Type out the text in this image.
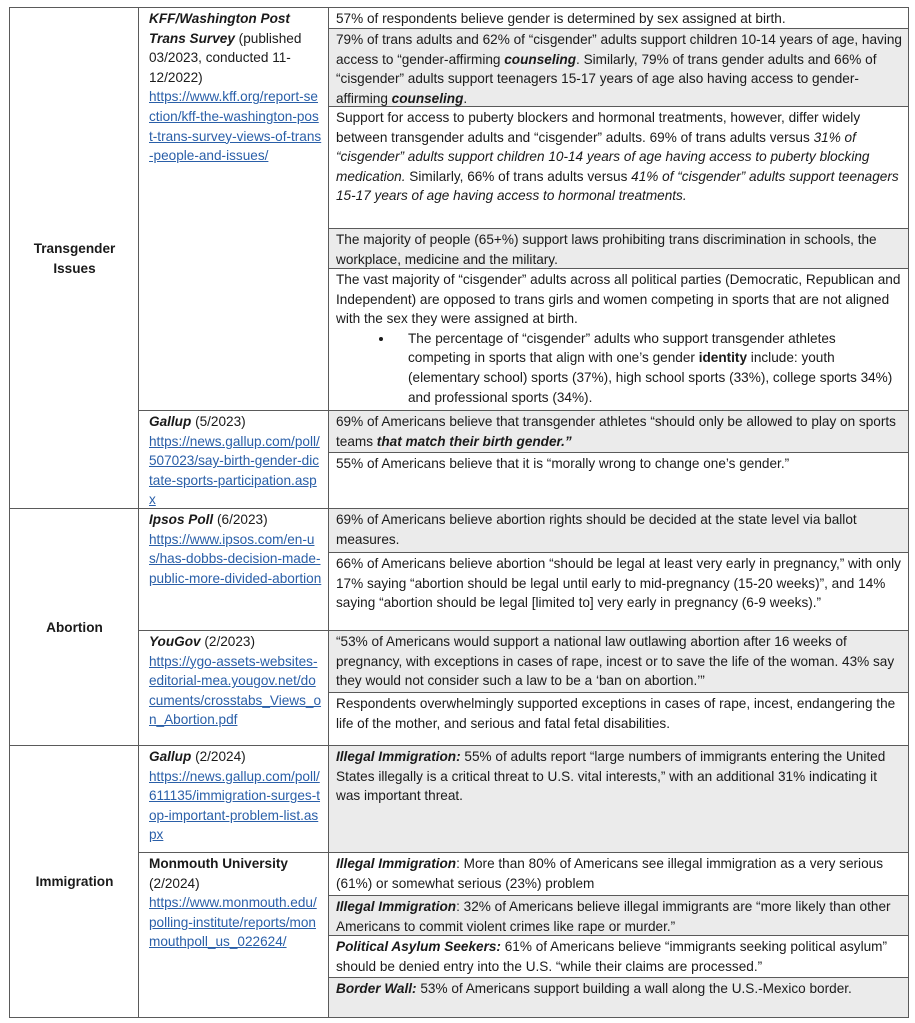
Transgender Issues
Abortion
Immigration
KFF/Washington Post Trans Survey (published 03/2023, conducted 11-12/2022)
https://www.kff.org/report-section/kff-the-washington-post-trans-survey-views-of-trans-people-and-issues/
Gallup (5/2023)
https://news.gallup.com/poll/507023/say-birth-gender-dictate-sports-participation.aspx
Ipsos Poll (6/2023)
https://www.ipsos.com/en-us/has-dobbs-decision-made-public-more-divided-abortion
YouGov (2/2023)
https://ygo-assets-websites-editorial-mea.yougov.net/documents/crosstabs_Views_on_Abortion.pdf
Gallup (2/2024)
https://news.gallup.com/poll/611135/immigration-surges-top-important-problem-list.aspx
Monmouth University
(2/2024)
https://www.monmouth.edu/polling-institute/reports/monmouthpoll_us_022624/
57% of respondents believe gender is determined by sex assigned at birth.
79% of trans adults and 62% of “cisgender” adults support children 10-14 years of age, having access to “gender-affirming counseling. Similarly, 79% of trans gender adults and 66% of “cisgender” adults support teenagers 15-17 years of age also having access to gender-affirming counseling.
Support for access to puberty blockers and hormonal treatments, however, differ widely between transgender adults and “cisgender” adults. 69% of trans adults versus 31% of “cisgender” adults support children 10-14 years of age having access to puberty blocking medication. Similarly, 66% of trans adults versus 41% of “cisgender” adults support teenagers 15-17 years of age having access to hormonal treatments.
The majority of people (65+%) support laws prohibiting trans discrimination in schools, the workplace, medicine and the military.
The vast majority of “cisgender” adults across all political parties (Democratic, Republican and Independent) are opposed to trans girls and women competing in sports that are not aligned with the sex they were assigned at birth.
• The percentage of “cisgender” adults who support transgender athletes competing in sports that align with one’s gender identity include: youth (elementary school) sports (37%), high school sports (33%), college sports 34%) and professional sports (34%).
69% of Americans believe that transgender athletes “should only be allowed to play on sports teams that match their birth gender.”
55% of Americans believe that it is “morally wrong to change one’s gender.”
69% of Americans believe abortion rights should be decided at the state level via ballot measures.
66% of Americans believe abortion “should be legal at least very early in pregnancy,” with only 17% saying “abortion should be legal until early to mid-pregnancy (15-20 weeks)”, and 14% saying “abortion should be legal [limited to] very early in pregnancy (6-9 weeks).”
“53% of Americans would support a national law outlawing abortion after 16 weeks of pregnancy, with exceptions in cases of rape, incest or to save the life of the woman. 43% say they would not consider such a law to be a ‘ban on abortion.’”
Respondents overwhelmingly supported exceptions in cases of rape, incest, endangering the life of the mother, and serious and fatal fetal disabilities.
Illegal Immigration: 55% of adults report “large numbers of immigrants entering the United States illegally is a critical threat to U.S. vital interests,” with an additional 31% indicating it was important threat.
Illegal Immigration: More than 80% of Americans see illegal immigration as a very serious (61%) or somewhat serious (23%) problem
Illegal Immigration: 32% of Americans believe illegal immigrants are “more likely than other Americans to commit violent crimes like rape or murder.”
Political Asylum Seekers: 61% of Americans believe “immigrants seeking political asylum” should be denied entry into the U.S. “while their claims are processed.”
Border Wall: 53% of Americans support building a wall along the U.S.-Mexico border.
